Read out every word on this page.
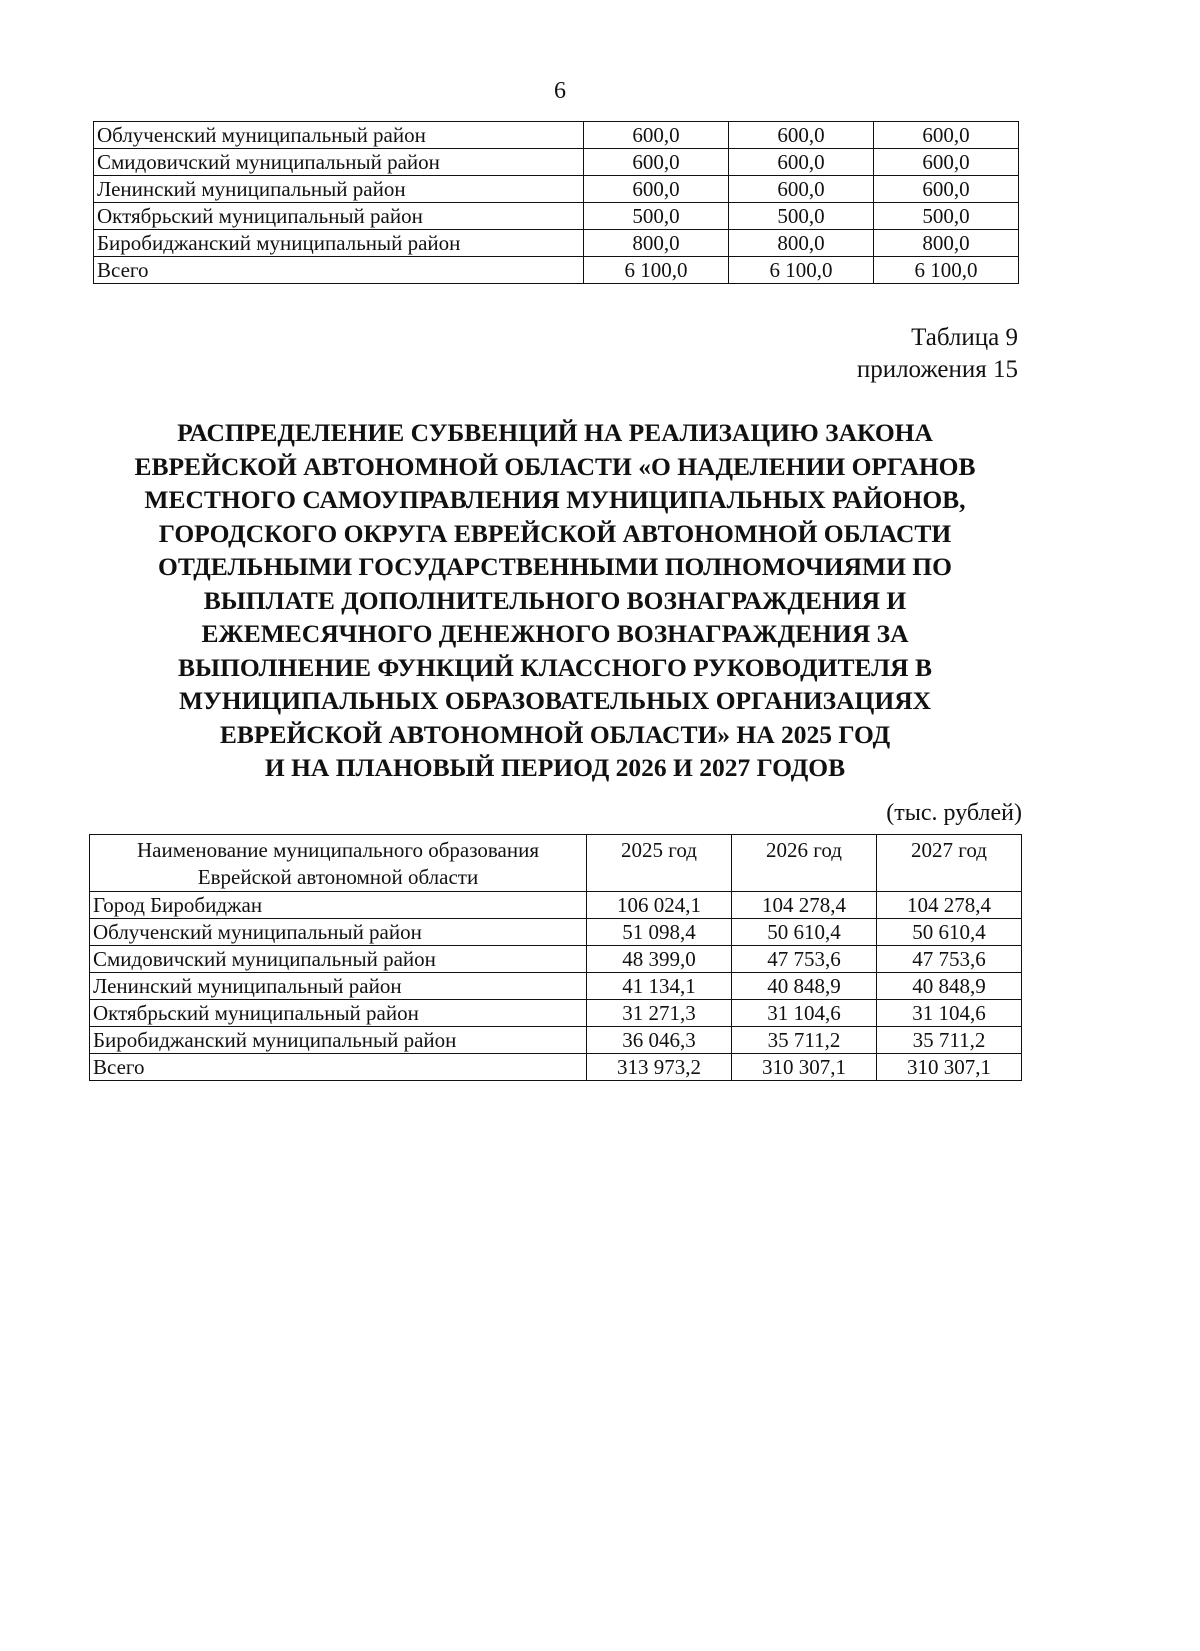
6
Облученский муниципальный район	600,0	600,0	600,0
Смидовичский муниципальный район	600,0	600,0	600,0
Ленинский муниципальный район	600,0	600,0	600,0
Октябрьский муниципальный район	500,0	500,0	500,0
Биробиджанский муниципальный район	800,0	800,0	800,0
Всего	6 100,0	6 100,0	6 100,0
Таблица 9
приложения 15
РАСПРЕДЕЛЕНИЕ СУБВЕНЦИЙ НА РЕАЛИЗАЦИЮ ЗАКОНА
ЕВРЕЙСКОЙ АВТОНОМНОЙ ОБЛАСТИ «О НАДЕЛЕНИИ ОРГАНОВ
МЕСТНОГО САМОУПРАВЛЕНИЯ МУНИЦИПАЛЬНЫХ РАЙОНОВ,
ГОРОДСКОГО ОКРУГА ЕВРЕЙСКОЙ АВТОНОМНОЙ ОБЛАСТИ
ОТДЕЛЬНЫМИ ГОСУДАРСТВЕННЫМИ ПОЛНОМОЧИЯМИ ПО
ВЫПЛАТЕ ДОПОЛНИТЕЛЬНОГО ВОЗНАГРАЖДЕНИЯ И
ЕЖЕМЕСЯЧНОГО ДЕНЕЖНОГО ВОЗНАГРАЖДЕНИЯ ЗА
ВЫПОЛНЕНИЕ ФУНКЦИЙ КЛАССНОГО РУКОВОДИТЕЛЯ В
МУНИЦИПАЛЬНЫХ ОБРАЗОВАТЕЛЬНЫХ ОРГАНИЗАЦИЯХ
ЕВРЕЙСКОЙ АВТОНОМНОЙ ОБЛАСТИ» НА 2025 ГОД
И НА ПЛАНОВЫЙ ПЕРИОД 2026 И 2027 ГОДОВ
(тыс. рублей)
Наименование муниципального образования
Еврейской автономной области	2025 год	2026 год	2027 год
Город Биробиджан	106 024,1	104 278,4	104 278,4
Облученский муниципальный район	51 098,4	50 610,4	50 610,4
Смидовичский муниципальный район	48 399,0	47 753,6	47 753,6
Ленинский муниципальный район	41 134,1	40 848,9	40 848,9
Октябрьский муниципальный район	31 271,3	31 104,6	31 104,6
Биробиджанский муниципальный район	36 046,3	35 711,2	35 711,2
Всего	313 973,2	310 307,1	310 307,1
